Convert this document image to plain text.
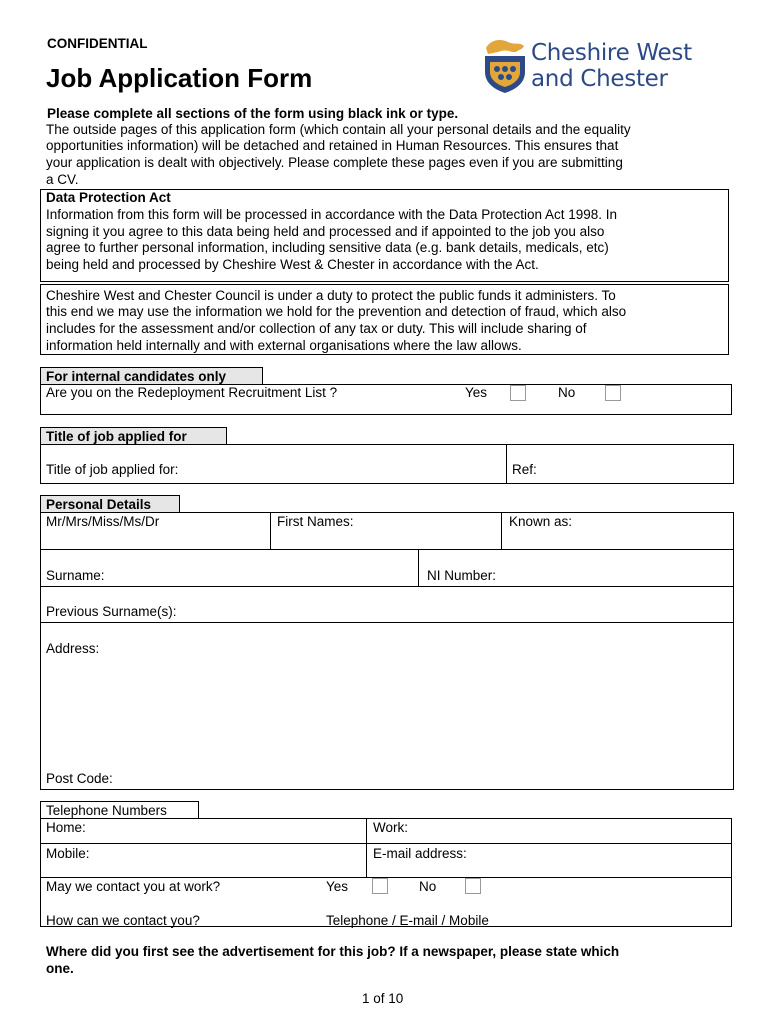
CONFIDENTIAL
Job Application Form
Cheshire West
and Chester
Please complete all sections of the form using black ink or type.
The outside pages of this application form (which contain all your personal details and the equality
opportunities information) will be detached and retained in Human Resources. This ensures that
your application is dealt with objectively. Please complete these pages even if you are submitting
a CV.
Data Protection Act
Information from this form will be processed in accordance with the Data Protection Act 1998. In
signing it you agree to this data being held and processed and if appointed to the job you also
agree to further personal information, including sensitive data (e.g. bank details, medicals, etc)
being held and processed by Cheshire West & Chester in accordance with the Act.
Cheshire West and Chester Council is under a duty to protect the public funds it administers. To
this end we may use the information we hold for the prevention and detection of fraud, which also
includes for the assessment and/or collection of any tax or duty. This will include sharing of
information held internally and with external organisations where the law allows.
For internal candidates only
Are you on the Redeployment Recruitment List ?	Yes	No
Title of job applied for
Title of job applied for:	Ref:
Personal Details
Mr/Mrs/Miss/Ms/Dr	First Names:	Known as:
Surname:	NI Number:
Previous Surname(s):
Address:
Post Code:
Telephone Numbers
Home:	Work:
Mobile:	E-mail address:
May we contact you at work?	Yes	No
How can we contact you?	Telephone / E-mail / Mobile
Where did you first see the advertisement for this job? If a newspaper, please state which
one.
1 of 10
